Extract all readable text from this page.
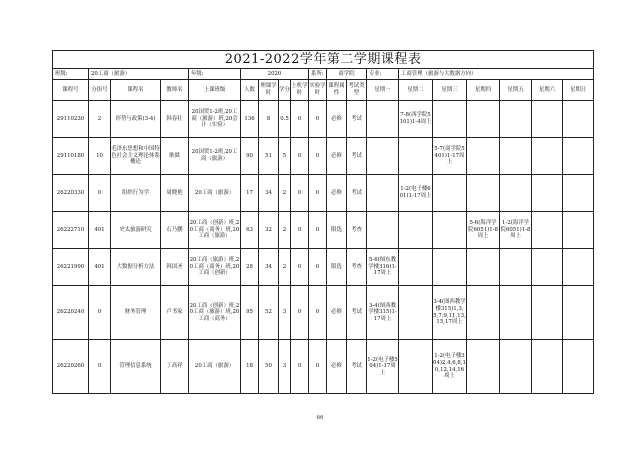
2021-2022学年第二学期课程表																		
班级:	20工商（旅游）			年级:	2020				系所:	商学院		专业:	工商管理（旅游与大数据方向）					
课程号	分组号	课程名	教师名	上课班级	人数	理课学时	学分	上机学时	实验学时	课程属性	考试类型	星期一	星期二	星期三	星期四	星期五	星期六	星期日
29110230	2	形势与政策(3-4)	韩春壮	20国贸1-2班,20工商（旅游）班,20会计（实验）	136	8	0.5	0	0	必修	考试		7-8(西学院5101)1-4周上					
29110180	10	毛泽东思想和中国特色社会主义理论体系概论	耿燚	20国贸1-2班,20工商（旅游）	90	51	5	0	0	必修	考试			5-7(商学院5401)1-17周上				
26220330	0	组织行为学	周晓艳	20工商（旅游）	17	34	2	0	0	必修	考试		1-2(电子楼601)1-17周上					
26222710	401	史太旅游研究	石乃鹏	20工商（创新）班,20工商（商务）班,20工商（旅游）	63	32	2	0	0	限选	考查				5-6(海洋学院6051)1-8周上	1-2(海洋学院6051)1-8周上		
26221990	401	大数据分析方法	韩国圣	20工商（旅游）班,20工商（商务）班,20工商（创新）	28	34	2	0	0	限选	考查	5-6(图东教学楼316)1-17周上						
26220240	0	财务管理	卢书家	20工商（创新）班,20工商（旅游）班,20工商（商务）	95	52	3	0	0	必修	考试	3-4(图西教学楼315)1-17周上		3-4(图西教学楼315)1,3,5,7,9,11,13,15,17周上				
26220260	0	管理信息系统	丁高祥	20工商（旅游）	18	50	3	0	0	必修	考试	1-2(电子楼504)1-17周上		1-2(电子楼304)2,4,6,8,10,12,14,16周上				
66
